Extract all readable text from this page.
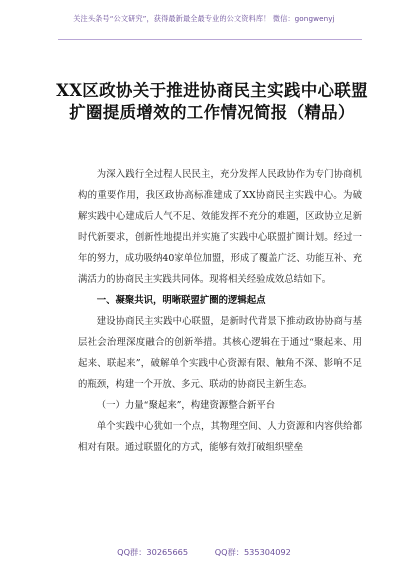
关注头条号“公文研究”，获得最新最全最专业的公文资料库！ 微信：gongwenyj
XX区政协关于推进协商民主实践中心联盟扩圈提质增效的工作情况简报（精品）

为深入践行全过程人民民主，充分发挥人民政协作为专门协商机构的重要作用，我区政协高标准建成了XX协商民主实践中心。为破解实践中心建成后人气不足、效能发挥不充分的难题，区政协立足新时代新要求，创新性地提出并实施了实践中心联盟扩圈计划。经过一年的努力，成功吸纳40家单位加盟，形成了覆盖广泛、功能互补、充满活力的协商民主实践共同体。现将相关经验成效总结如下。

一、凝聚共识，明晰联盟扩圈的逻辑起点

建设协商民主实践中心联盟，是新时代背景下推动政协协商与基层社会治理深度融合的创新举措。其核心逻辑在于通过“聚起来、用起来、联起来”，破解单个实践中心资源有限、触角不深、影响不足的瓶颈，构建一个开放、多元、联动的协商民主新生态。

（一）力量“聚起来”，构建资源整合新平台

单个实践中心犹如一个点，其物理空间、人力资源和内容供给都相对有限。通过联盟化的方式，能够有效打破组织壁垒

QQ群：30265665	QQ群：535304092
